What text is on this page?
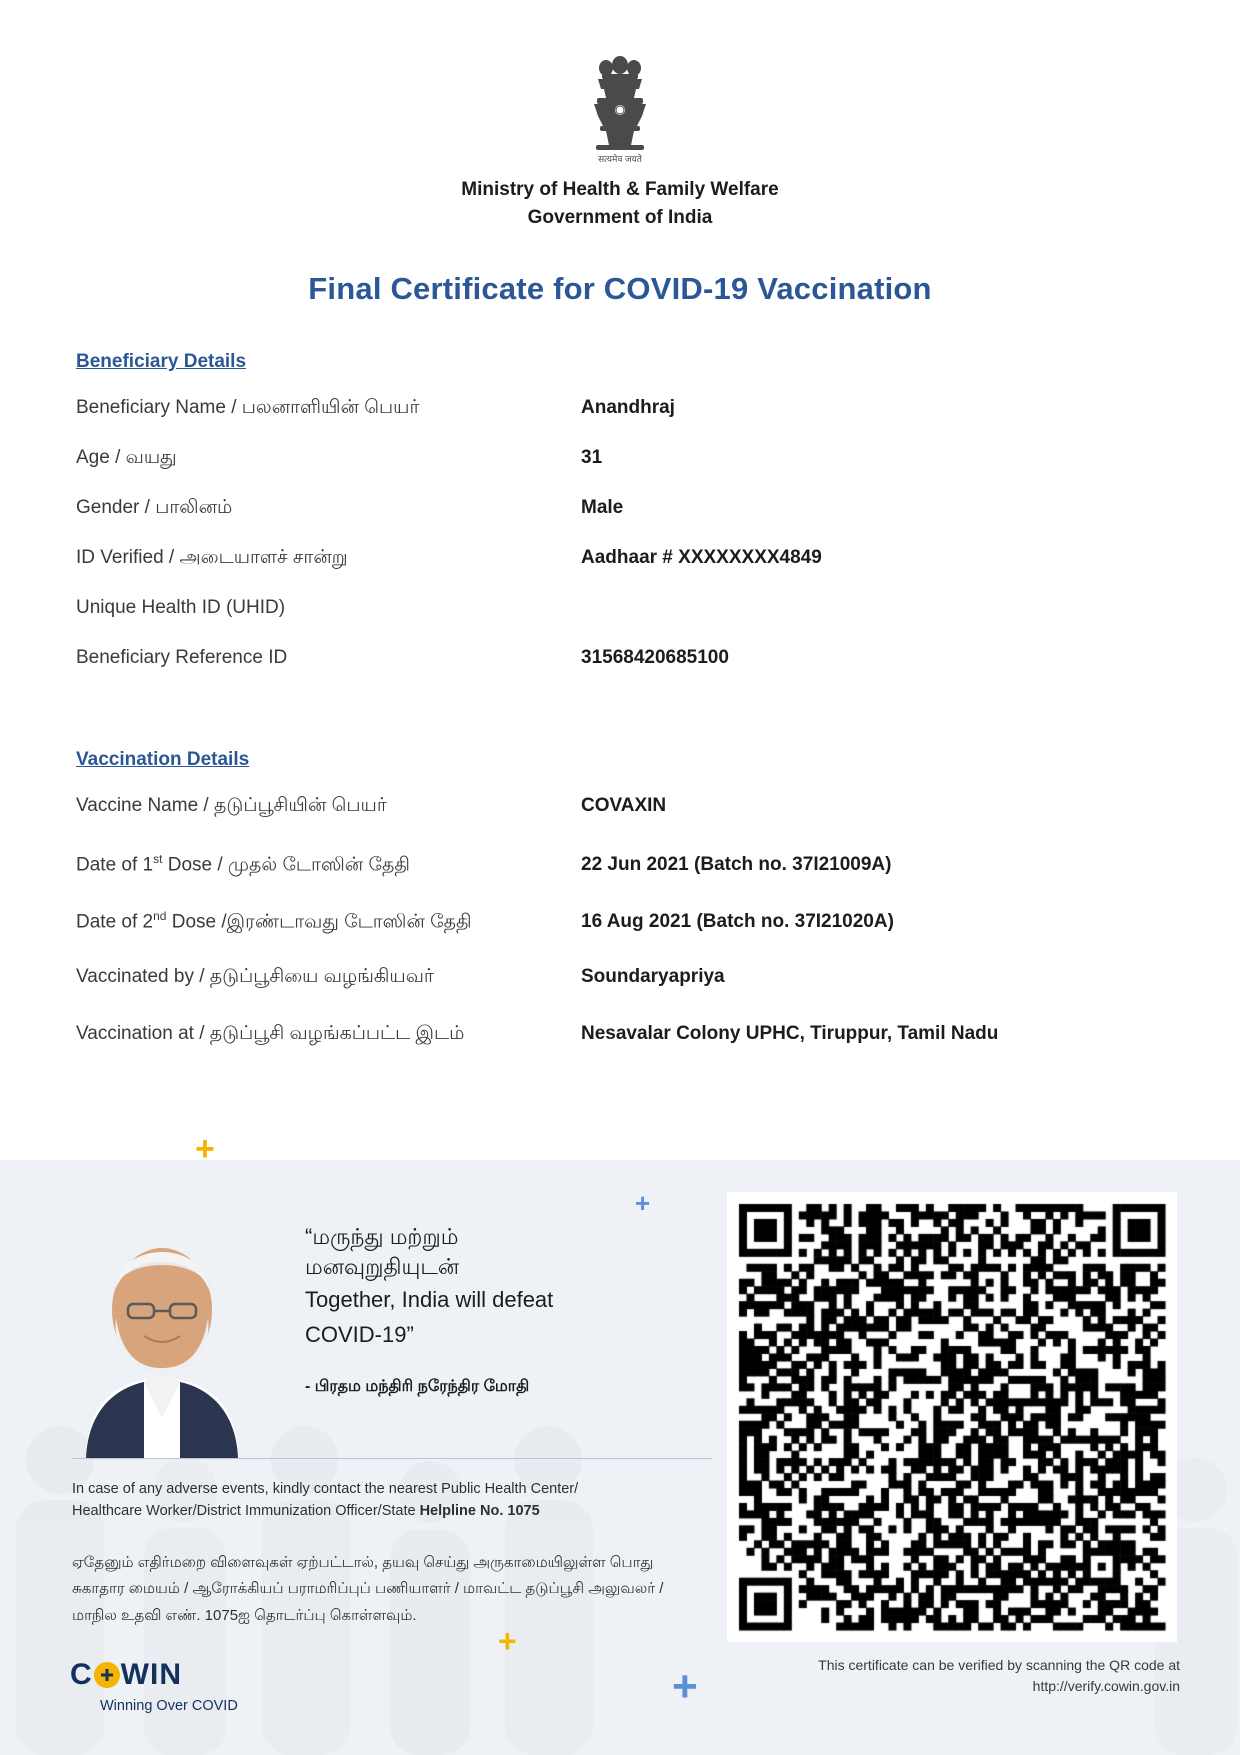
सत्यमेव जयते
Ministry of Health & Family Welfare
Government of India
Final Certificate for COVID-19 Vaccination
Beneficiary Details
Beneficiary Name / பலனாளியின் பெயர்	Anandhraj
Age / வயது	31
Gender / பாலினம்	Male
ID Verified / அடையாளச் சான்று	Aadhaar # XXXXXXXX4849
Unique Health ID (UHID)
Beneficiary Reference ID	31568420685100
Vaccination Details
Vaccine Name / தடுப்பூசியின் பெயர்	COVAXIN
Date of 1st Dose / முதல் டோஸின் தேதி	22 Jun 2021 (Batch no. 37I21009A)
Date of 2nd Dose /இரண்டாவது டோஸின் தேதி	16 Aug 2021 (Batch no. 37I21020A)
Vaccinated by / தடுப்பூசியை வழங்கியவர்	Soundaryapriya
Vaccination at / தடுப்பூசி வழங்கப்பட்ட இடம்	Nesavalar Colony UPHC, Tiruppur, Tamil Nadu
+
+
+
+
“மருந்து மற்றும்
மனவுறுதியுடன்
Together, India will defeat
COVID-19”
- பிரதம மந்திரி நரேந்திர மோதி
In case of any adverse events, kindly contact the nearest Public Health Center/
Healthcare Worker/District Immunization Officer/State Helpline No. 1075
ஏதேனும் எதிர்மறை விளைவுகள் ஏற்பட்டால், தயவு செய்து அருகாமையிலுள்ள பொது
சுகாதார மையம் / ஆரோக்கியப் பராமரிப்புப் பணியாளர் / மாவட்ட தடுப்பூசி அலுவலர் /
மாநில உதவி எண். 1075ஐ தொடர்ப்பு கொள்ளவும்.
C WIN
Winning Over COVID
This certificate can be verified by scanning the QR code at
http://verify.cowin.gov.in
